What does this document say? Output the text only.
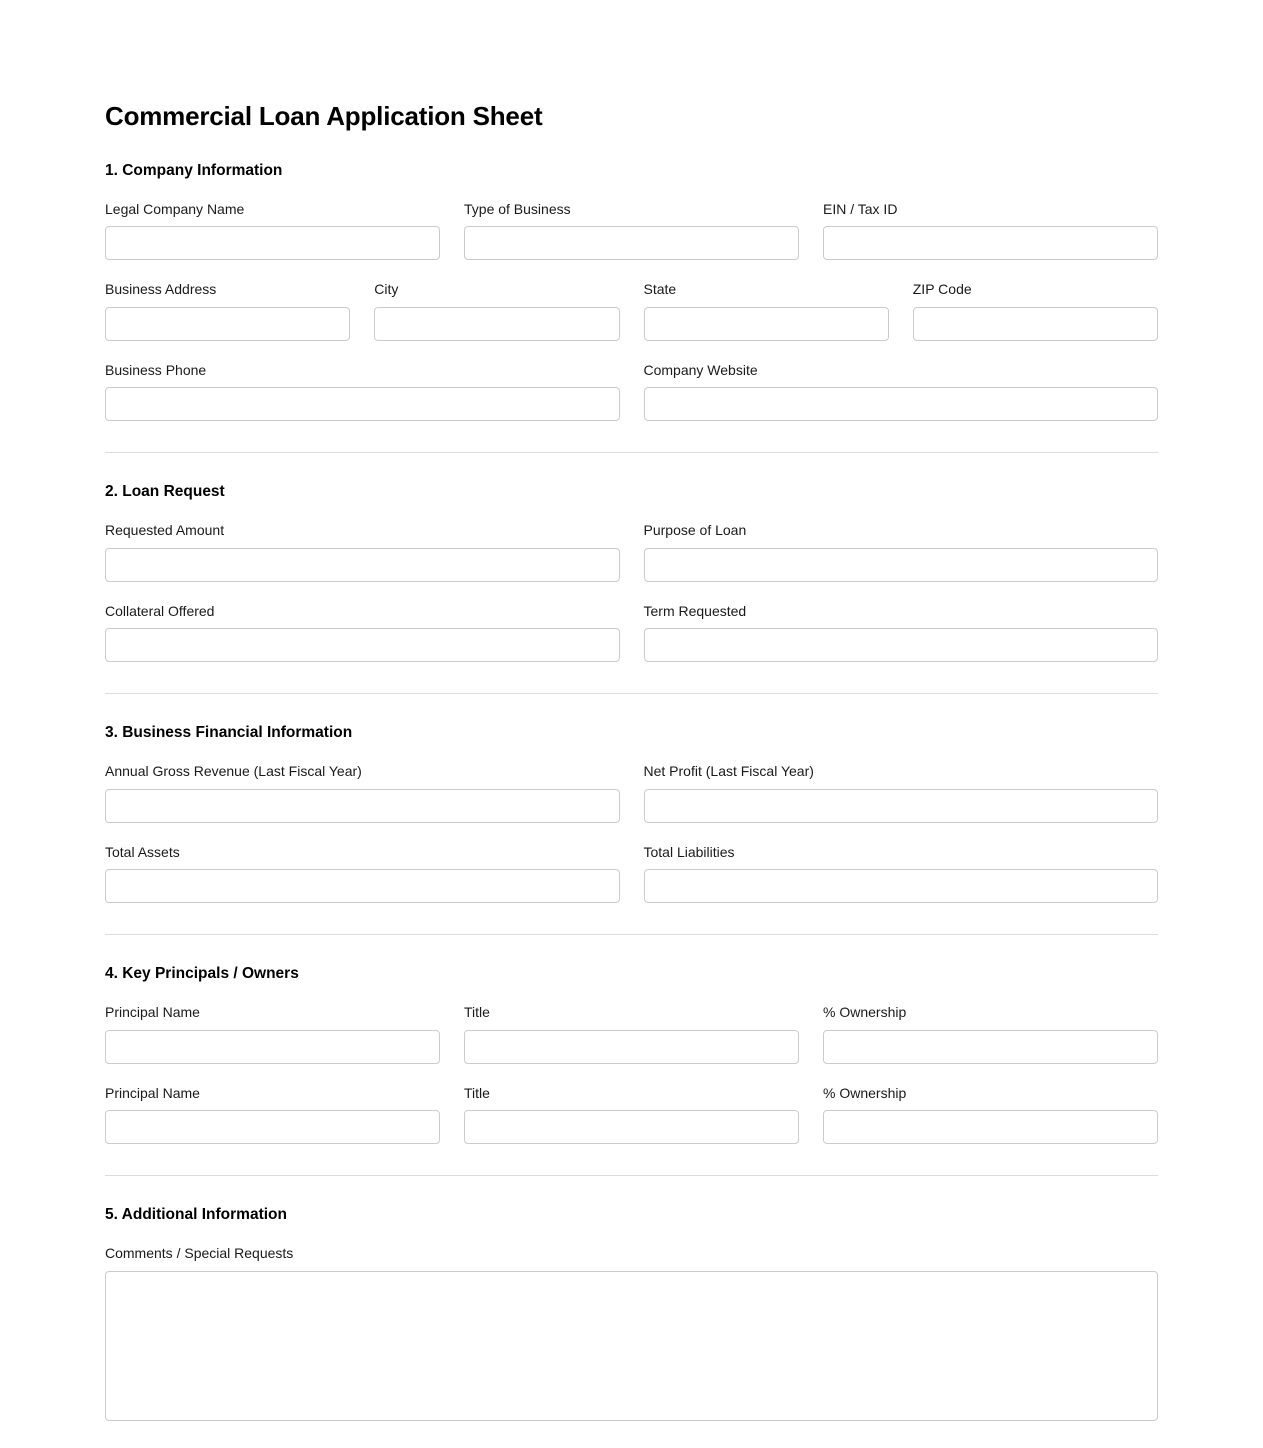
Commercial Loan Application Sheet
1. Company Information
Legal Company Name	Type of Business	EIN / Tax ID
Business Address	City	State	ZIP Code
Business Phone	Company Website
2. Loan Request
Requested Amount	Purpose of Loan
Collateral Offered	Term Requested
3. Business Financial Information
Annual Gross Revenue (Last Fiscal Year)	Net Profit (Last Fiscal Year)
Total Assets	Total Liabilities
4. Key Principals / Owners
Principal Name	Title	% Ownership
Principal Name	Title	% Ownership
5. Additional Information
Comments / Special Requests
